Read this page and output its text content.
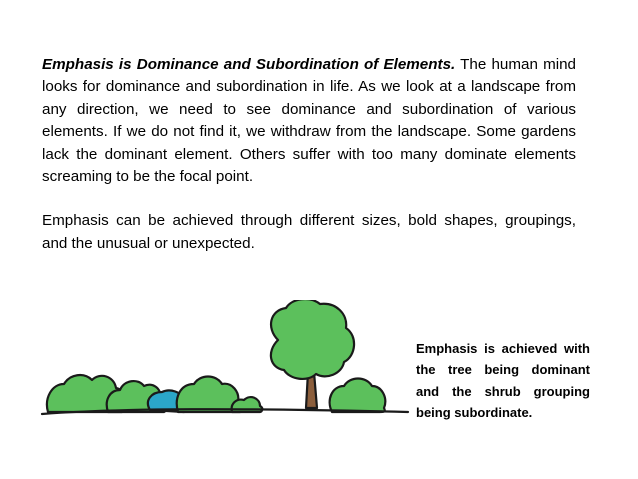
Emphasis is Dominance and Subordination of Elements. The human mind looks for dominance and subordination in life. As we look at a landscape from any direction, we need to see dominance and subordination of various elements. If we do not find it, we withdraw from the landscape. Some gardens lack the dominant element. Others suffer with too many dominate elements screaming to be the focal point.

Emphasis can be achieved through different sizes, bold shapes, groupings, and the unusual or unexpected.

Emphasis is achieved with the tree being dominant and the shrub grouping being subordinate.
